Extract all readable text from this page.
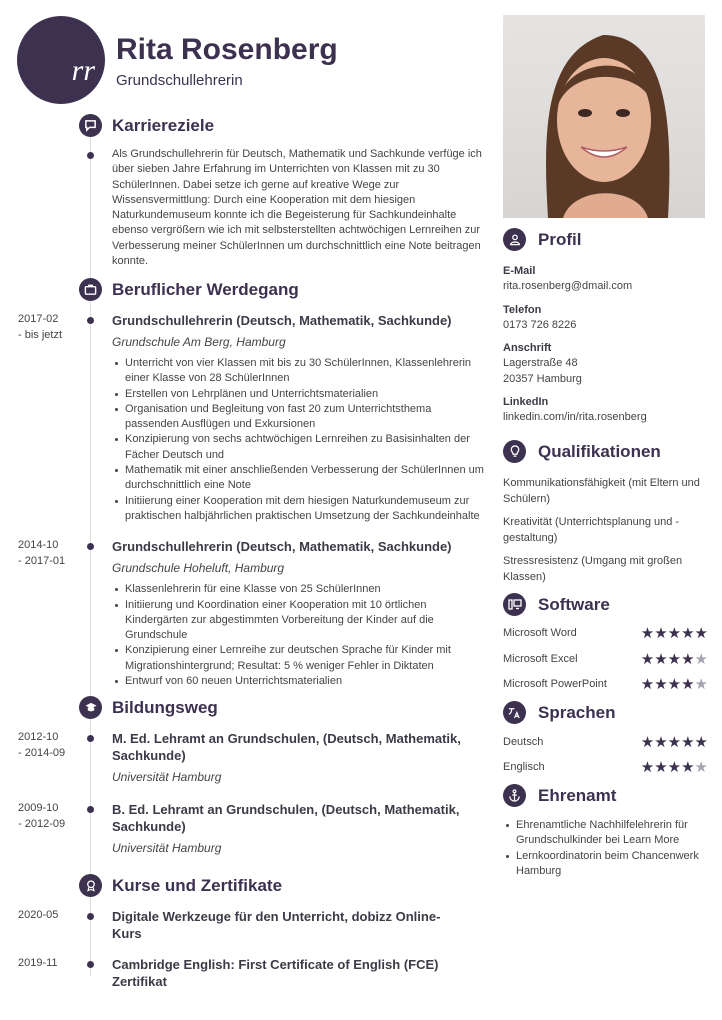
rr
Rita Rosenberg
Grundschullehrerin
Karriereziele

Als Grundschullehrerin für Deutsch, Mathematik und Sachkunde verfüge ich über sieben Jahre Erfahrung im Unterrichten von Klassen mit zu 30 SchülerInnen. Dabei setze ich gerne auf kreative Wege zur Wissensvermittlung: Durch eine Kooperation mit dem hiesigen Naturkundemuseum konnte ich die Begeisterung für Sachkundeinhalte ebenso vergrößern wie ich mit selbsterstellten achtwöchigen Lernreihen zur Verbesserung meiner SchülerInnen um durchschnittlich eine Note beitragen konnte.

Beruflicher Werdegang
2017-02
- bis jetzt
Grundschullehrerin (Deutsch, Mathematik, Sachkunde)
Grundschule Am Berg, Hamburg
Unterricht von vier Klassen mit bis zu 30 SchülerInnen, Klassenlehrerin einer Klasse von 28 SchülerInnen
Erstellen von Lehrplänen und Unterrichtsmaterialien
Organisation und Begleitung von fast 20 zum Unterrichtsthema passenden Ausflügen und Exkursionen
Konzipierung von sechs achtwöchigen Lernreihen zu Basisinhalten der Fächer Deutsch und
Mathematik mit einer anschließenden Verbesserung der SchülerInnen um durchschnittlich eine Note
Initiierung einer Kooperation mit dem hiesigen Naturkundemuseum zur praktischen halbjährlichen praktischen Umsetzung der Sachkundeinhalte
2014-10
- 2017-01
Grundschullehrerin (Deutsch, Mathematik, Sachkunde)
Grundschule Hoheluft, Hamburg
Klassenlehrerin für eine Klasse von 25 SchülerInnen
Initiierung und Koordination einer Kooperation mit 10 örtlichen Kindergärten zur abgestimmten Vorbereitung der Kinder auf die Grundschule
Konzipierung einer Lernreihe zur deutschen Sprache für Kinder mit Migrationshintergrund; Resultat: 5 % weniger Fehler in Diktaten
Entwurf von 60 neuen Unterrichtsmaterialien
Bildungsweg
2012-10
- 2014-09
M. Ed. Lehramt an Grundschulen, (Deutsch, Mathematik, Sachkunde)
Universität Hamburg
2009-10
- 2012-09
B. Ed. Lehramt an Grundschulen, (Deutsch, Mathematik, Sachkunde)
Universität Hamburg
Kurse und Zertifikate
2020-05	Digitale Werkzeuge für den Unterricht, dobizz Online-Kurs
2019-11	Cambridge English: First Certificate of English (FCE) Zertifikat
Profil
E-Mail
rita.rosenberg@dmail.com
Telefon
0173 726 8226
Anschrift
Lagerstraße 48
20357 Hamburg
LinkedIn
linkedin.com/in/rita.rosenberg
Qualifikationen
Kommunikationsfähigkeit (mit Eltern und Schülern)
Kreativität (Unterrichtsplanung und -gestaltung)
Stressresistenz (Umgang mit großen Klassen)
Software
Microsoft Word	★★★★★
Microsoft Excel	★★★★★
Microsoft PowerPoint ★★★★★
Sprachen
Deutsch	★★★★★
Englisch	★★★★★
Ehrenamt
Ehrenamtliche Nachhilfelehrerin für Grundschulkinder bei Learn More
Lernkoordinatorin beim Chancenwerk Hamburg
